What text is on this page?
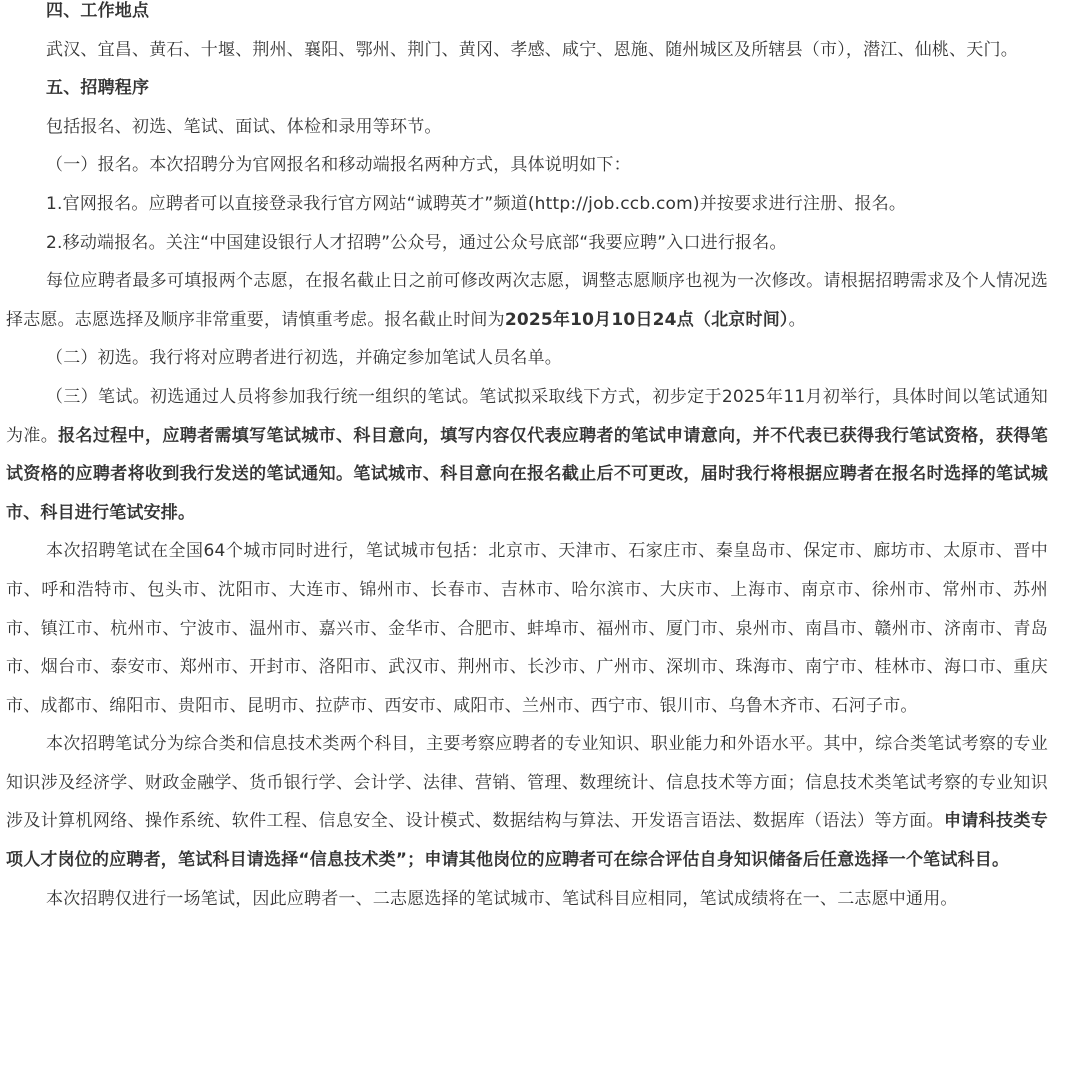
四、工作地点

武汉、宜昌、黄石、十堰、荆州、襄阳、鄂州、荆门、黄冈、孝感、咸宁、恩施、随州城区及所辖县（市），潜江、仙桃、天门。

五、招聘程序

包括报名、初选、笔试、面试、体检和录用等环节。

（一）报名。本次招聘分为官网报名和移动端报名两种方式，具体说明如下：

1.官网报名。应聘者可以直接登录我行官方网站“诚聘英才”频道(http://job.ccb.com)并按要求进行注册、报名。

2.移动端报名。关注“中国建设银行人才招聘”公众号，通过公众号底部“我要应聘”入口进行报名。

每位应聘者最多可填报两个志愿，在报名截止日之前可修改两次志愿，调整志愿顺序也视为一次修改。请根据招聘需求及个人情况选择志愿。志愿选择及顺序非常重要，请慎重考虑。报名截止时间为2025年10月10日24点（北京时间）。

（二）初选。我行将对应聘者进行初选，并确定参加笔试人员名单。

（三）笔试。初选通过人员将参加我行统一组织的笔试。笔试拟采取线下方式，初步定于2025年11月初举行，具体时间以笔试通知为准。报名过程中，应聘者需填写笔试城市、科目意向，填写内容仅代表应聘者的笔试申请意向，并不代表已获得我行笔试资格，获得笔试资格的应聘者将收到我行发送的笔试通知。笔试城市、科目意向在报名截止后不可更改，届时我行将根据应聘者在报名时选择的笔试城市、科目进行笔试安排。

本次招聘笔试在全国64个城市同时进行，笔试城市包括：北京市、天津市、石家庄市、秦皇岛市、保定市、廊坊市、太原市、晋中市、呼和浩特市、包头市、沈阳市、大连市、锦州市、长春市、吉林市、哈尔滨市、大庆市、上海市、南京市、徐州市、常州市、苏州市、镇江市、杭州市、宁波市、温州市、嘉兴市、金华市、合肥市、蚌埠市、福州市、厦门市、泉州市、南昌市、赣州市、济南市、青岛市、烟台市、泰安市、郑州市、开封市、洛阳市、武汉市、荆州市、长沙市、广州市、深圳市、珠海市、南宁市、桂林市、海口市、重庆市、成都市、绵阳市、贵阳市、昆明市、拉萨市、西安市、咸阳市、兰州市、西宁市、银川市、乌鲁木齐市、石河子市。

本次招聘笔试分为综合类和信息技术类两个科目，主要考察应聘者的专业知识、职业能力和外语水平。其中，综合类笔试考察的专业知识涉及经济学、财政金融学、货币银行学、会计学、法律、营销、管理、数理统计、信息技术等方面；信息技术类笔试考察的专业知识涉及计算机网络、操作系统、软件工程、信息安全、设计模式、数据结构与算法、开发语言语法、数据库（语法）等方面。申请科技类专项人才岗位的应聘者，笔试科目请选择“信息技术类”；申请其他岗位的应聘者可在综合评估自身知识储备后任意选择一个笔试科目。

本次招聘仅进行一场笔试，因此应聘者一、二志愿选择的笔试城市、笔试科目应相同，笔试成绩将在一、二志愿中通用。
